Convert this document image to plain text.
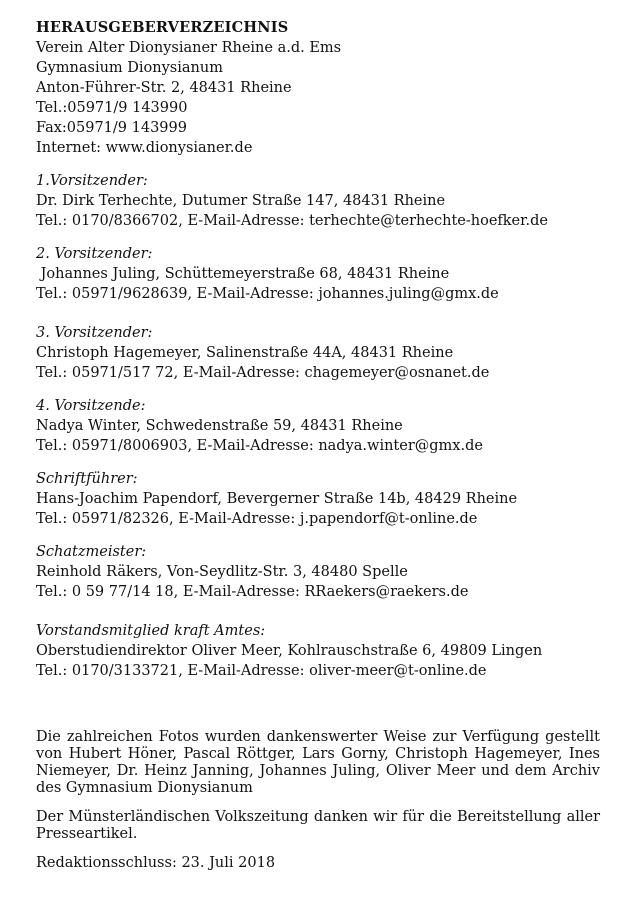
HERAUSGEBERVERZEICHNIS
Verein Alter Dionysianer Rheine a.d. Ems
Gymnasium Dionysianum
Anton-Führer-Str. 2, 48431 Rheine
Tel.:05971/9 143990
Fax:05971/9 143999
Internet: www.dionysianer.de
1.Vorsitzender:
Dr. Dirk Terhechte, Dutumer Straße 147, 48431 Rheine
Tel.: 0170/8366702, E-Mail-Adresse: terhechte@terhechte-hoefker.de
2. Vorsitzender:
Johannes Juling, Schüttemeyerstraße 68, 48431 Rheine
Tel.: 05971/9628639, E-Mail-Adresse: johannes.juling@gmx.de
3. Vorsitzender:
Christoph Hagemeyer, Salinenstraße 44A, 48431 Rheine
Tel.: 05971/517 72, E-Mail-Adresse: chagemeyer@osnanet.de
4. Vorsitzende:
Nadya Winter, Schwedenstraße 59, 48431 Rheine
Tel.: 05971/8006903, E-Mail-Adresse: nadya.winter@gmx.de
Schriftführer:
Hans-Joachim Papendorf, Bevergerner Straße 14b, 48429 Rheine
Tel.: 05971/82326, E-Mail-Adresse: j.papendorf@t-online.de
Schatzmeister:
Reinhold Räkers, Von-Seydlitz-Str. 3, 48480 Spelle
Tel.: 0 59 77/14 18, E-Mail-Adresse: RRaekers@raekers.de
Vorstandsmitglied kraft Amtes:
Oberstudiendirektor Oliver Meer, Kohlrauschstraße 6, 49809 Lingen
Tel.: 0170/3133721, E-Mail-Adresse: oliver-meer@t-online.de
Die zahlreichen Fotos wurden dankenswerter Weise zur Verfügung gestellt von Hubert Höner, Pascal Röttger, Lars Gorny, Christoph Hagemeyer, Ines Niemeyer, Dr. Heinz Janning, Johannes Juling, Oliver Meer und dem Archiv des Gymnasium Dionysianum
Der Münsterländischen Volkszeitung danken wir für die Bereitstellung aller Presseartikel.
Redaktionsschluss: 23. Juli 2018
